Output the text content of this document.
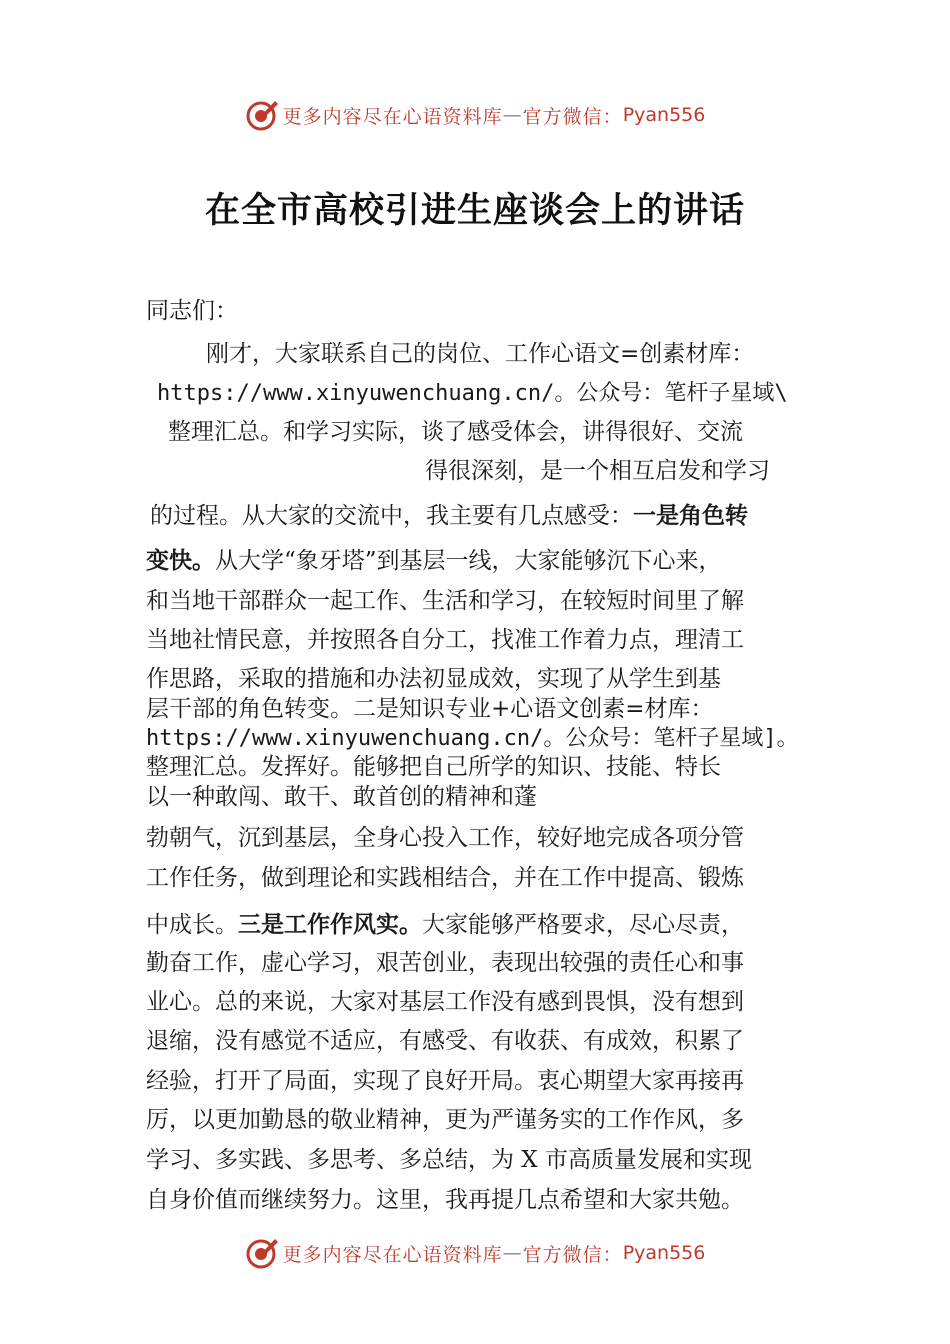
更多内容尽在心语资料库 — 官方微信： Pyan556
在全市高校引进生座谈会上的讲话
同志们：
刚才，大家联系自己的岗位、工作心语文=创素材库：
https://www.xinyuwenchuang.cn/。公众号：笔杆子星域\
整理汇总。和学习实际，谈了感受体会，讲得很好、交流
得很深刻，是一个相互启发和学习
的过程。从大家的交流中，我主要有几点感受：一是角色转
变快。从大学“象牙塔”到基层一线，大家能够沉下心来，
和当地干部群众一起工作、生活和学习，在较短时间里了解
当地社情民意，并按照各自分工，找准工作着力点，理清工
作思路，采取的措施和办法初显成效，实现了从学生到基
层干部的角色转变。二是知识专业+心语文创素=材库：
https://www.xinyuwenchuang.cn/。公众号：笔杆子星域]。
整理汇总。发挥好。能够把自己所学的知识、技能、特长
以一种敢闯、敢干、敢首创的精神和蓬
勃朝气，沉到基层，全身心投入工作，较好地完成各项分管
工作任务，做到理论和实践相结合，并在工作中提高、锻炼
中成长。三是工作作风实。大家能够严格要求，尽心尽责，
勤奋工作，虚心学习，艰苦创业，表现出较强的责任心和事
业心。总的来说，大家对基层工作没有感到畏惧，没有想到
退缩，没有感觉不适应，有感受、有收获、有成效，积累了
经验，打开了局面，实现了良好开局。衷心期望大家再接再
厉，以更加勤恳的敬业精神，更为严谨务实的工作作风，多
学习、多实践、多思考、多总结，为 X 市高质量发展和实现
自身价值而继续努力。这里，我再提几点希望和大家共勉。
更多内容尽在心语资料库 — 官方微信： Pyan556
